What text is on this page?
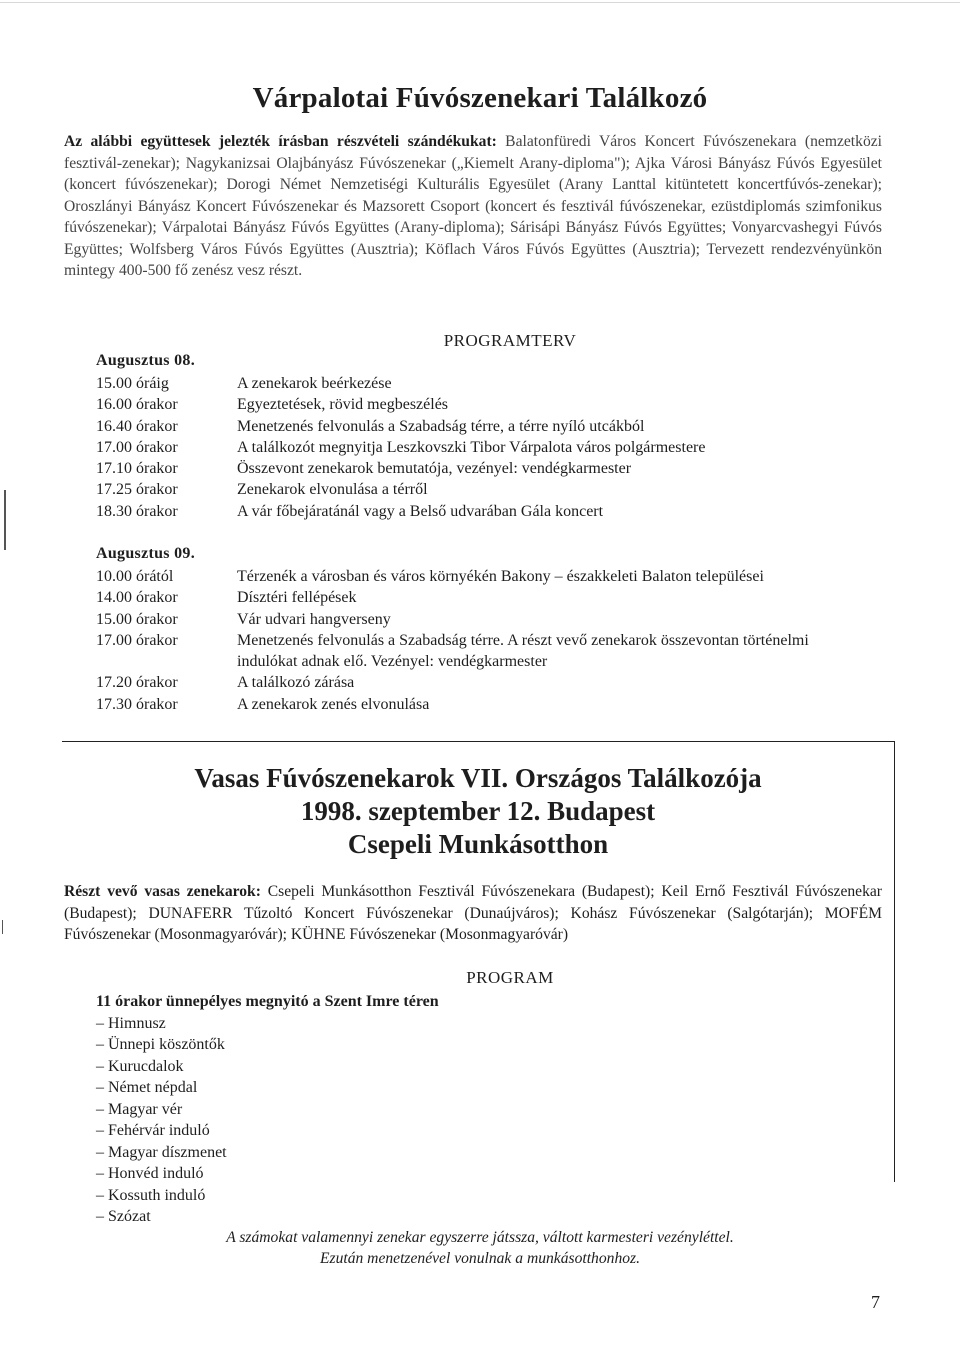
Várpalotai Fúvószenekari Találkozó
Az alábbi együttesek jelezték írásban részvételi szándékukat: Balatonfüredi Város Koncert Fúvószenekara (nemzetközi fesztivál-zenekar); Nagykanizsai Olajbányász Fúvószenekar („Kiemelt Arany-diploma"); Ajka Városi Bányász Fúvós Egyesület (koncert fúvószenekar); Dorogi Német Nemzetiségi Kulturális Egyesület (Arany Lanttal kitüntetett koncertfúvós-zenekar); Oroszlányi Bányász Koncert Fúvószenekar és Mazsorett Csoport (koncert és fesztivál fúvószenekar, ezüstdiplomás szimfonikus fúvószenekar); Várpalotai Bányász Fúvós Együttes (Arany-diploma); Sárisápi Bányász Fúvós Együttes; Vonyarcvashegyi Fúvós Együttes; Wolfsberg Város Fúvós Együttes (Ausztria); Köflach Város Fúvós Együttes (Ausztria); Tervezett rendezvényünkön mintegy 400-500 fő zenész vesz részt.
PROGRAMTERV
Augusztus 08.
15.00 óráig	A zenekarok beérkezése
16.00 órakor	Egyeztetések, rövid megbeszélés
16.40 órakor	Menetzenés felvonulás a Szabadság térre, a térre nyíló utcákból
17.00 órakor	A találkozót megnyitja Leszkovszki Tibor Várpalota város polgármestere
17.10 órakor	Összevont zenekarok bemutatója, vezényel: vendégkarmester
17.25 órakor	Zenekarok elvonulása a térről
18.30 órakor	A vár főbejáratánál vagy a Belső udvarában Gála koncert
Augusztus 09.
10.00 órától	Térzenék a városban és város környékén Bakony – északkeleti Balaton települései
14.00 órakor	Dísztéri fellépések
15.00 órakor	Vár udvari hangverseny
17.00 órakor	Menetzenés felvonulás a Szabadság térre. A részt vevő zenekarok összevontan történelmi indulókat adnak elő. Vezényel: vendégkarmester
17.20 órakor	A találkozó zárása
17.30 órakor	A zenekarok zenés elvonulása
Vasas Fúvószenekarok VII. Országos Találkozója
1998. szeptember 12. Budapest
Csepeli Munkásotthon
Részt vevő vasas zenekarok: Csepeli Munkásotthon Fesztivál Fúvószenekara (Budapest); Keil Ernő Fesztivál Fúvószenekar (Budapest); DUNAFERR Tűzoltó Koncert Fúvószenekar (Dunaújváros); Kohász Fúvószenekar (Salgótarján); MOFÉM Fúvószenekar (Mosonmagyaróvár); KÜHNE Fúvószenekar (Mosonmagyaróvár)
PROGRAM
11 órakor ünnepélyes megnyitó a Szent Imre téren
– Himnusz
– Ünnepi köszöntők
– Kurucdalok
– Német népdal
– Magyar vér
– Fehérvár induló
– Magyar díszmenet
– Honvéd induló
– Kossuth induló
– Szózat
A számokat valamennyi zenekar egyszerre játssza, váltott karmesteri vezényléttel.
Ezután menetzenével vonulnak a munkásotthonhoz.
7
